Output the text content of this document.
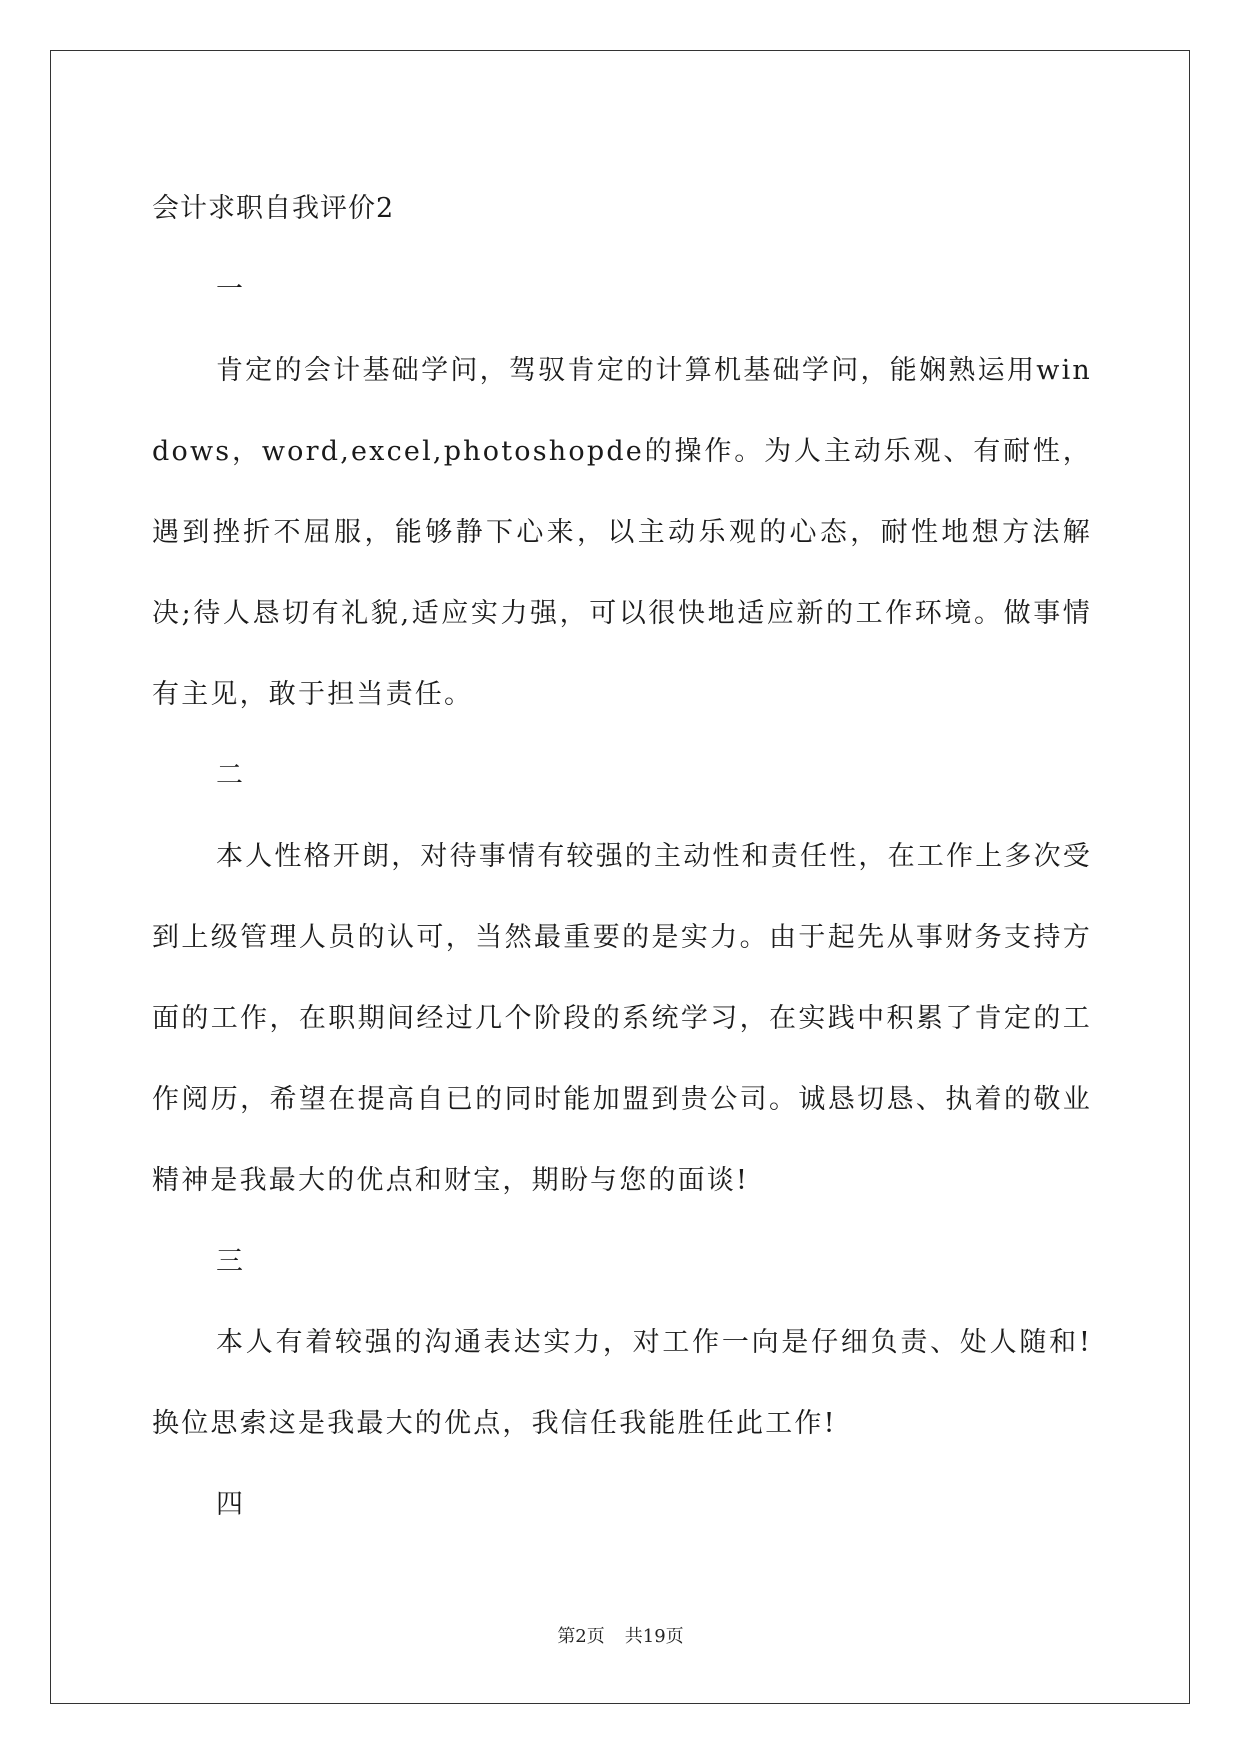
会计求职自我评价2
一

肯定的会计基础学问，驾驭肯定的计算机基础学问，能娴熟运用windows，word,excel,photoshopde的操作。为人主动乐观、有耐性，遇到挫折不屈服，能够静下心来，以主动乐观的心态，耐性地想方法解决;待人恳切有礼貌,适应实力强，可以很快地适应新的工作环境。做事情有主见，敢于担当责任。

二

本人性格开朗，对待事情有较强的主动性和责任性，在工作上多次受到上级管理人员的认可，当然最重要的是实力。由于起先从事财务支持方面的工作，在职期间经过几个阶段的系统学习，在实践中积累了肯定的工作阅历，希望在提高自已的同时能加盟到贵公司。诚恳切恳、执着的敬业精神是我最大的优点和财宝，期盼与您的面谈!

三

本人有着较强的沟通表达实力，对工作一向是仔细负责、处人随和!换位思索这是我最大的优点，我信任我能胜任此工作!

四
第2页 共19页
